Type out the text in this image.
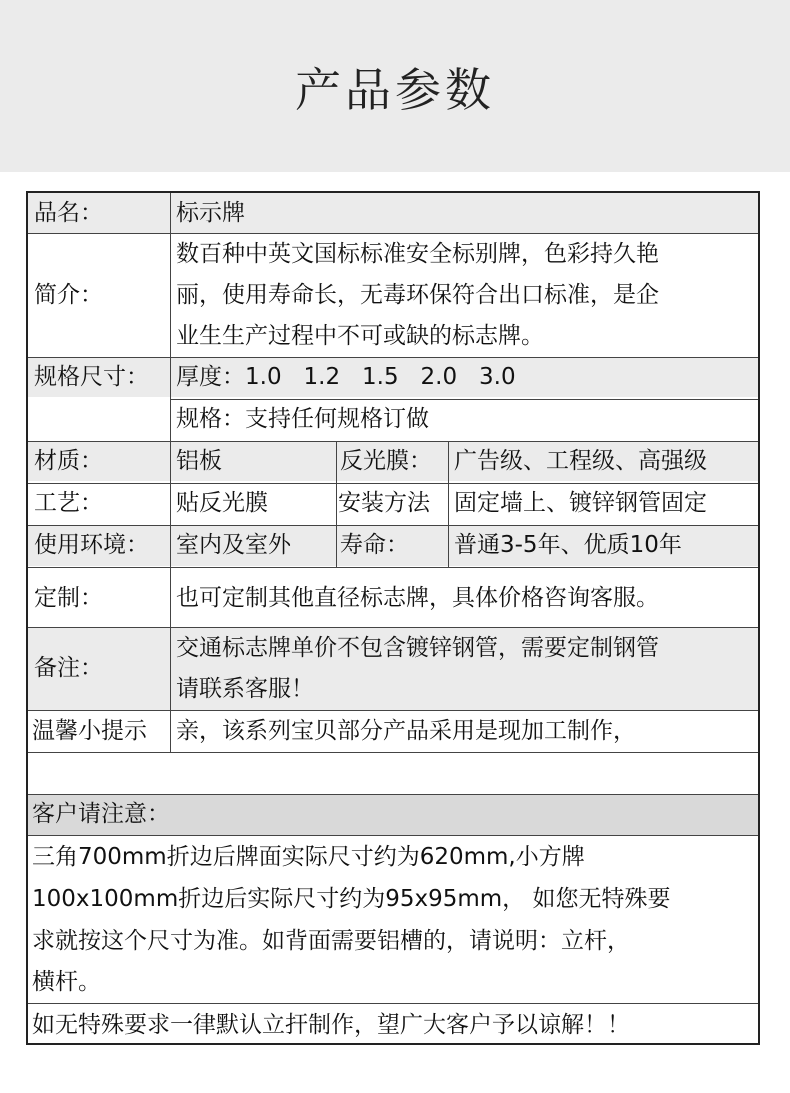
产品参数
品名：	标示牌
简介：
数百种中英文国标标准安全标别牌，色彩持久艳
丽，使用寿命长，无毒环保符合出口标准，是企
业生生产过程中不可或缺的标志牌。
规格尺寸： 厚度：1.0   1.2   1.5   2.0   3.0
规格：支持任何规格订做
材质：	铝板	反光膜： 广告级、工程级、高强级
工艺：	贴反光膜	安装方法 固定墙上、镀锌钢管固定
使用环境： 室内及室外 寿命： 普通3-5年、优质10年
定制：	也可定制其他直径标志牌，具体价格咨询客服。
备注：
交通标志牌单价不包含镀锌钢管，需要定制钢管
请联系客服！
温馨小提示 亲，该系列宝贝部分产品采用是现加工制作，
客户请注意：
三角700mm折边后牌面实际尺寸约为620mm,小方牌
100x100mm折边后实际尺寸约为95x95mm， 如您无特殊要
求就按这个尺寸为准。如背面需要铝槽的，请说明：立杆，
横杆。
如无特殊要求一律默认立扞制作，望广大客户予以谅解！！
